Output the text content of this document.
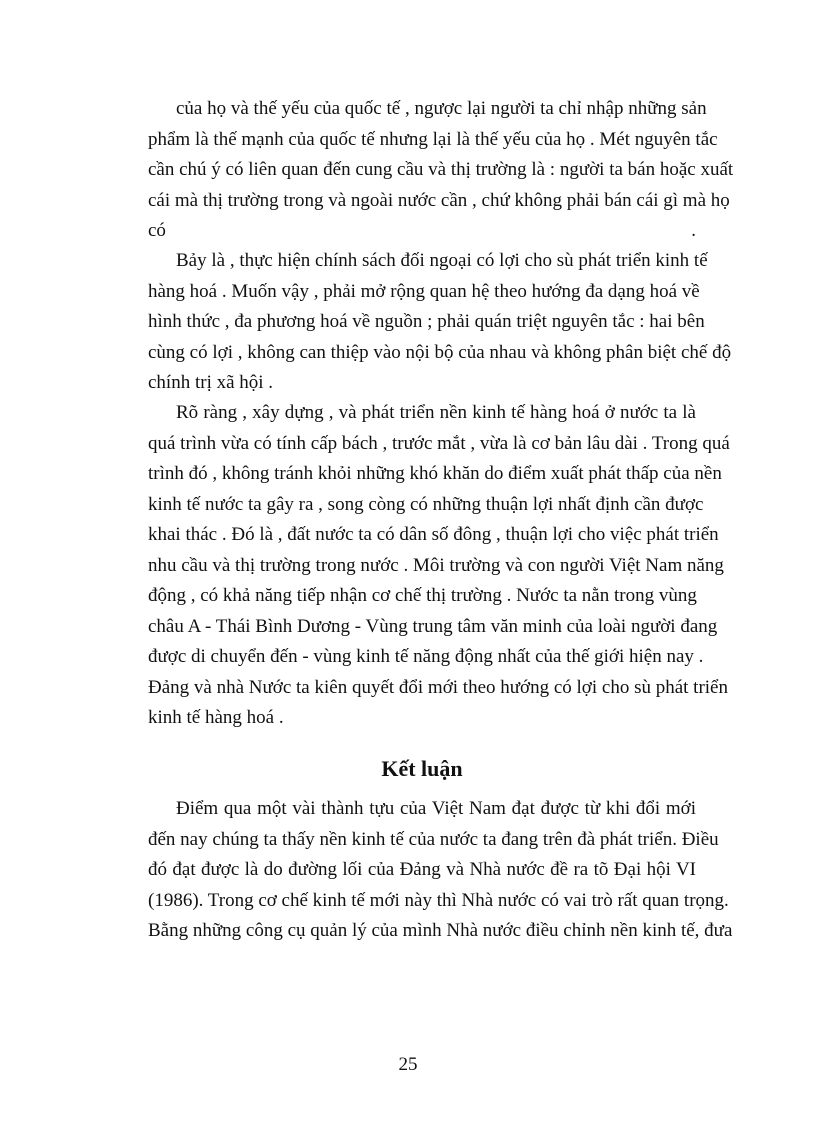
của họ và thế yếu của quốc tế , ngược lại người ta chỉ nhập những sản
phẩm là thế mạnh của quốc tế nhưng lại là thế yếu của họ . Mét nguyên tắc
cần chú ý có liên quan đến cung cầu và thị trường là : người ta bán hoặc xuất
cái mà thị trường trong và ngoài nước cần , chứ không phải bán cái gì mà họ
có	.
Bảy là , thực hiện chính sách đối ngoại có lợi cho sù phát triển kinh tế
hàng hoá . Muốn vậy , phải mở rộng quan hệ theo hướng đa dạng hoá về
hình thức , đa phương hoá về nguồn ; phải quán triệt nguyên tắc : hai bên
cùng có lợi , không can thiệp vào nội bộ của nhau và không phân biệt chế độ
chính trị xã hội .
Rõ ràng , xây dựng , và phát triển nền kinh tế hàng hoá ở nước ta là
quá trình vừa có tính cấp bách , trước mắt , vừa là cơ bản lâu dài . Trong quá
trình đó , không tránh khỏi những khó khăn do điểm xuất phát thấp của nền
kinh tế nước ta gây ra , song còng có những thuận lợi nhất định cần được
khai thác . Đó là , đất nước ta có dân số đông , thuận lợi cho việc phát triển
nhu cầu và thị trường trong nước . Môi trường và con người Việt Nam năng
động , có khả năng tiếp nhận cơ chế thị trường . Nước ta nằn trong vùng
châu A - Thái Bình Dương - Vùng trung tâm văn minh của loài người đang
được di chuyển đến - vùng kinh tế năng động nhất của thế giới hiện nay .
Đảng và nhà Nước ta kiên quyết đổi mới theo hướng có lợi cho sù phát triển
kinh tế hàng hoá .
Kết luận
Điểm qua một vài thành tựu của Việt Nam đạt được từ khi đổi mới
đến nay chúng ta thấy nền kinh tế của nước ta đang trên đà phát triển. Điều
đó đạt được là do đường lối của Đảng và Nhà nước đề ra tõ Đại hội VI
(1986). Trong cơ chế kinh tế mới này thì Nhà nước có vai trò rất quan trọng.
Bằng những công cụ quản lý của mình Nhà nước điều chỉnh nền kinh tế, đưa
25
